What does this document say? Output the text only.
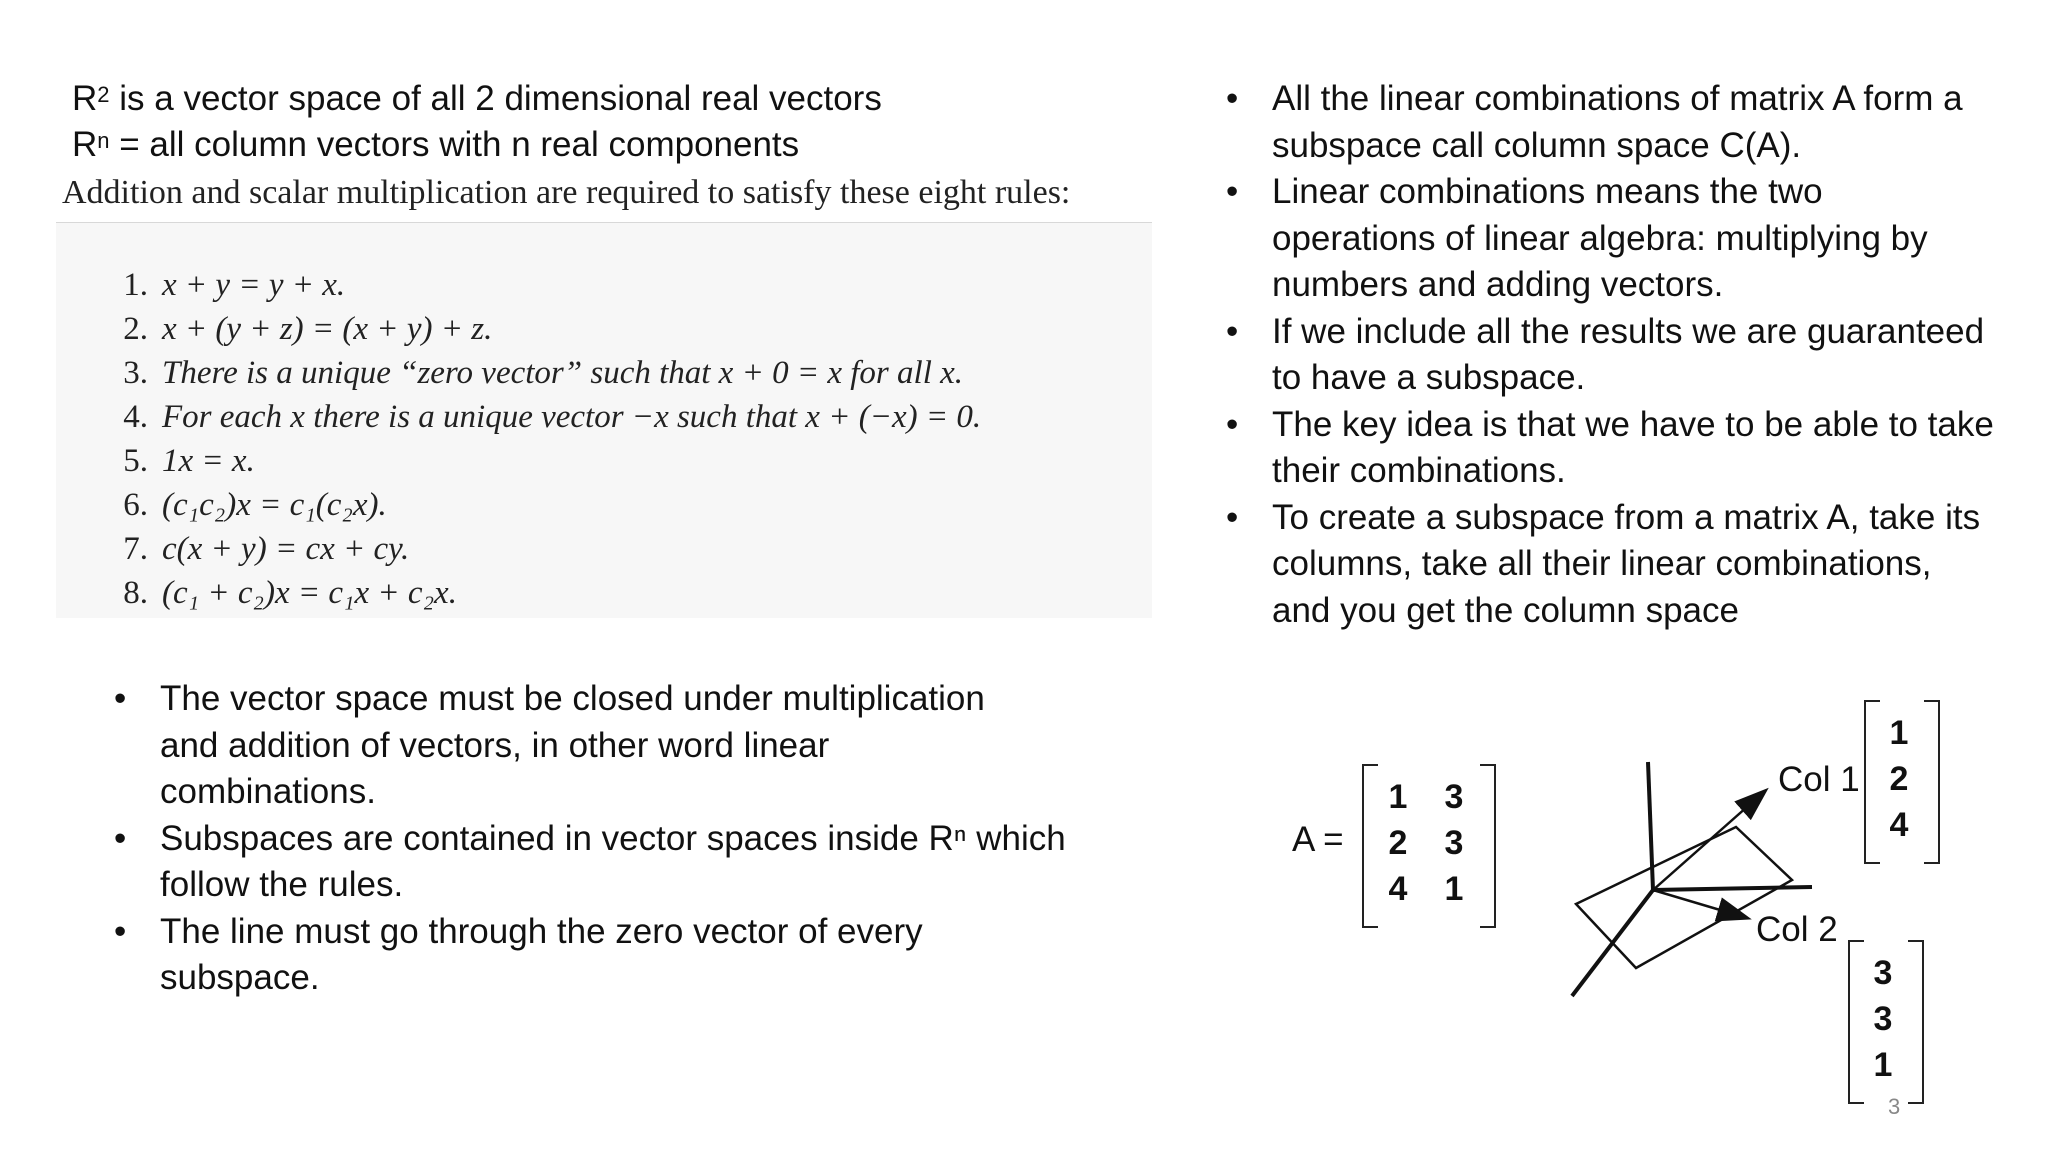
$R^2$ is a vector space of all 2 dimensional real vectors
$R^n$ = all column vectors with n real components
Addition and scalar multiplication are required to satisfy these eight rules:
1. x + y = y + x.
2. x + (y + z) = (x + y) + z.
3. There is a unique “zero vector” such that x + 0 = x for all x.
4. For each x there is a unique vector −x such that x + (−x) = 0.
5. 1x = x.
6. (c₁c₂)x = c₁(c₂x).
7. c(x + y) = cx + cy.
8. (c₁ + c₂)x = c₁x + c₂x.
• The vector space must be closed under multiplication
and addition of vectors, in other word linear
combinations.
• Subspaces are contained in vector spaces inside Rⁿ which
follow the rules.
• The line must go through the zero vector of every
subspace.
• All the linear combinations of matrix A form a
subspace call column space C(A).
• Linear combinations means the two
operations of linear algebra: multiplying by
numbers and adding vectors.
• If we include all the results we are guaranteed
to have a subspace.
• The key idea is that we have to be able to take
their combinations.
• To create a subspace from a matrix A, take its
columns, take all their linear combinations,
and you get the column space
A =
1	3
2	3
4	1
Col 1
1
2
4
Col 2
3
3
1
3
